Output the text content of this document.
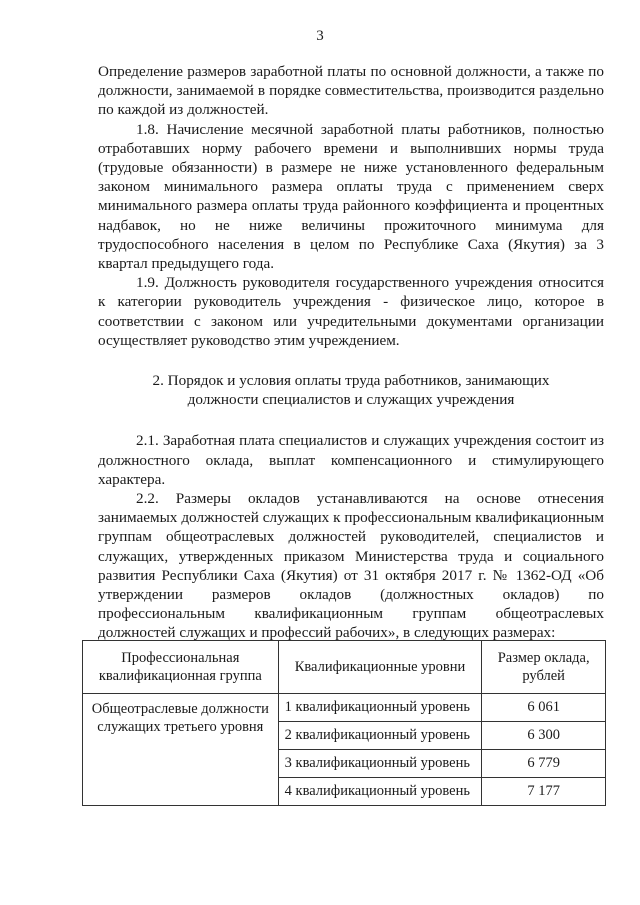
3

Определение размеров заработной платы по основной должности, а также по должности, занимаемой в порядке совместительства, производится раздельно по каждой из должностей.

1.8. Начисление месячной заработной платы работников, полностью отработавших норму рабочего времени и выполнивших нормы труда (трудовые обязанности) в размере не ниже установленного федеральным законом минимального размера оплаты труда с применением сверх минимального размера оплаты труда районного коэффициента и процентных надбавок, но не ниже величины прожиточного минимума для трудоспособного населения в целом по Республике Саха (Якутия) за 3 квартал предыдущего года.

1.9. Должность руководителя государственного учреждения относится к категории руководитель учреждения - физическое лицо, которое в соответствии с законом или учредительными документами организации осуществляет руководство этим учреждением.

2. Порядок и условия оплаты труда работников, занимающих
должности специалистов и служащих учреждения

2.1. Заработная плата специалистов и служащих учреждения состоит из должностного оклада, выплат компенсационного и стимулирующего характера.

2.2. Размеры окладов устанавливаются на основе отнесения занимаемых должностей служащих к профессиональным квалификационным группам общеотраслевых должностей руководителей, специалистов и служащих, утвержденных приказом Министерства труда и социального развития Республики Саха (Якутия) от 31 октября 2017 г. № 1362-ОД «Об утверждении размеров окладов (должностных окладов) по профессиональным квалификационным группам общеотраслевых должностей служащих и профессий рабочих», в следующих размерах:

Профессиональная квалификационная группа	Квалификационные уровни	Размер оклада, рублей
Общеотраслевые должности служащих третьего уровня	1 квалификационный уровень	6 061
	2 квалификационный уровень	6 300
	3 квалификационный уровень	6 779
	4 квалификационный уровень	7 177
